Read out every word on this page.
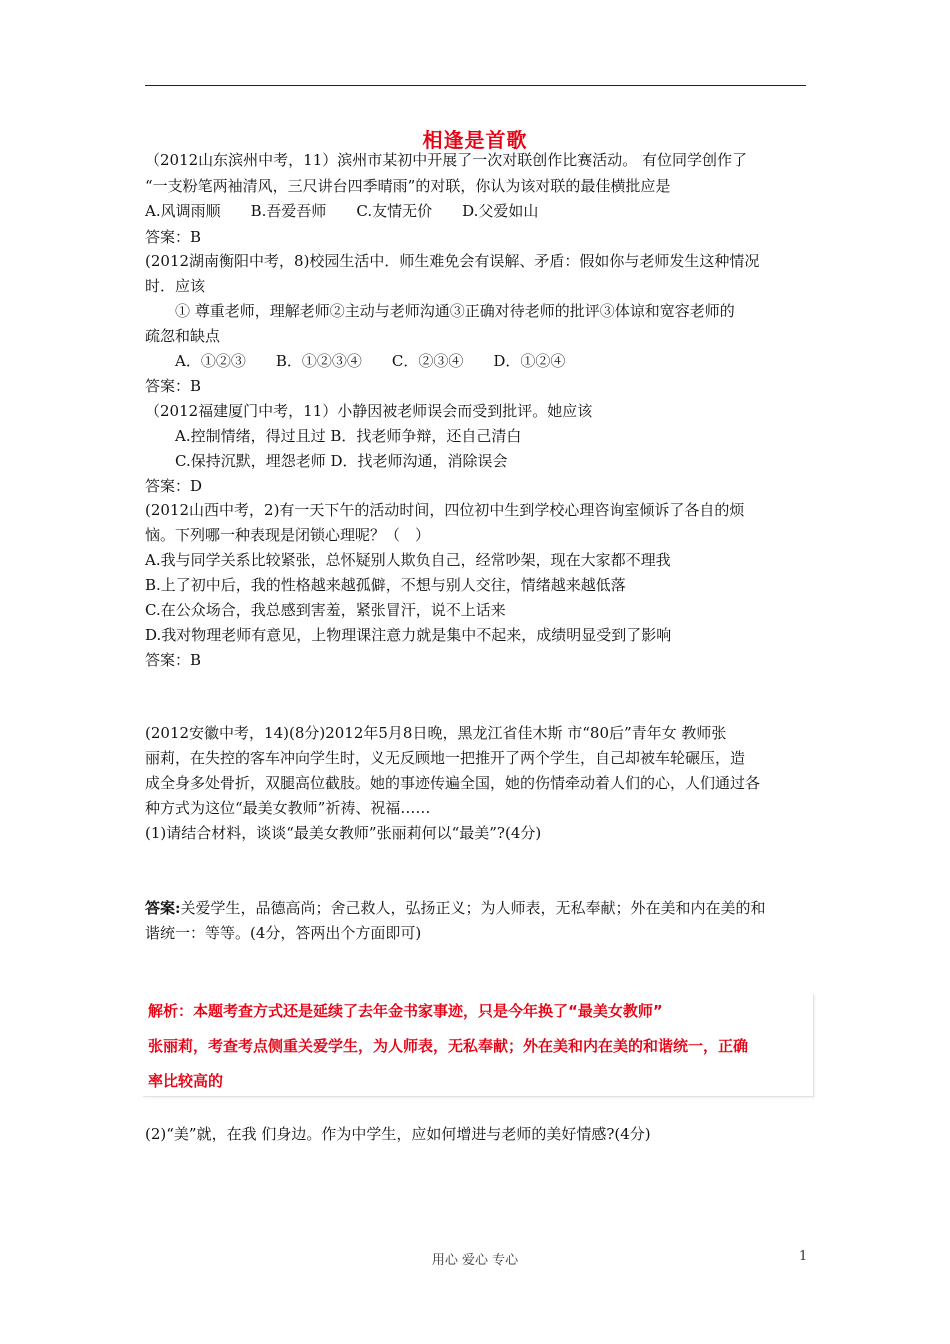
相逢是首歌
（2012山东滨州中考，11）滨州市某初中开展了一次对联创作比赛活动。 有位同学创作了
“一支粉笔两袖清风，三尺讲台四季晴雨”的对联，你认为该对联的最佳横批应是
A.风调雨顺　　B.吾爱吾师　　C.友情无价　　D.父爱如山
答案：B
(2012湖南衡阳中考，8)校园生活中．师生难免会有误解、矛盾：假如你与老师发生这种情况
时．应该
① 尊重老师，理解老师②主动与老师沟通③正确对待老师的批评③体谅和宽容老师的
疏忽和缺点
A．①②③　　B．①②③④　　C．②③④　　D．①②④
答案：B
（2012福建厦门中考，11）小静因被老师误会而受到批评。她应该
A.控制情绪，得过且过 B．找老师争辩，还自己清白
C.保持沉默，埋怨老师 D．找老师沟通，消除误会
答案：D
(2012山西中考，2)有一天下午的活动时间，四位初中生到学校心理咨询室倾诉了各自的烦
恼。下列哪一种表现是闭锁心理呢？（　）
A.我与同学关系比较紧张，总怀疑别人欺负自己，经常吵架，现在大家都不理我
B.上了初中后，我的性格越来越孤僻，不想与别人交往，情绪越来越低落
C.在公众场合，我总感到害羞，紧张冒汗，说不上话来
D.我对物理老师有意见，上物理课注意力就是集中不起来，成绩明显受到了影响
答案：B
(2012安徽中考，14)(8分)2012年5月8日晚，黑龙江省佳木斯 市“80后”青年女 教师张
丽莉，在失控的客车冲向学生时，义无反顾地一把推开了两个学生，自己却被车轮碾压，造
成全身多处骨折，双腿高位截肢。她的事迹传遍全国，她的伤情牵动着人们的心，人们通过各
种方式为这位“最美女教师”祈祷、祝福……
(1)请结合材料，谈谈“最美女教师”张丽莉何以“最美”?(4分)
答案:关爱学生，品德高尚；舍己救人，弘扬正义；为人师表，无私奉献；外在美和内在美的和
谐统一：等等。(4分，答两出个方面即可)
解析：本题考查方式还是延续了去年金书家事迹，只是今年换了“最美女教师”
张丽莉，考查考点侧重关爱学生，为人师表，无私奉献；外在美和内在美的和谐统一，正确
率比较高的
(2)“美”就，在我 们身边。作为中学生，应如何增进与老师的美好情感?(4分)
用心 爱心 专心	1
